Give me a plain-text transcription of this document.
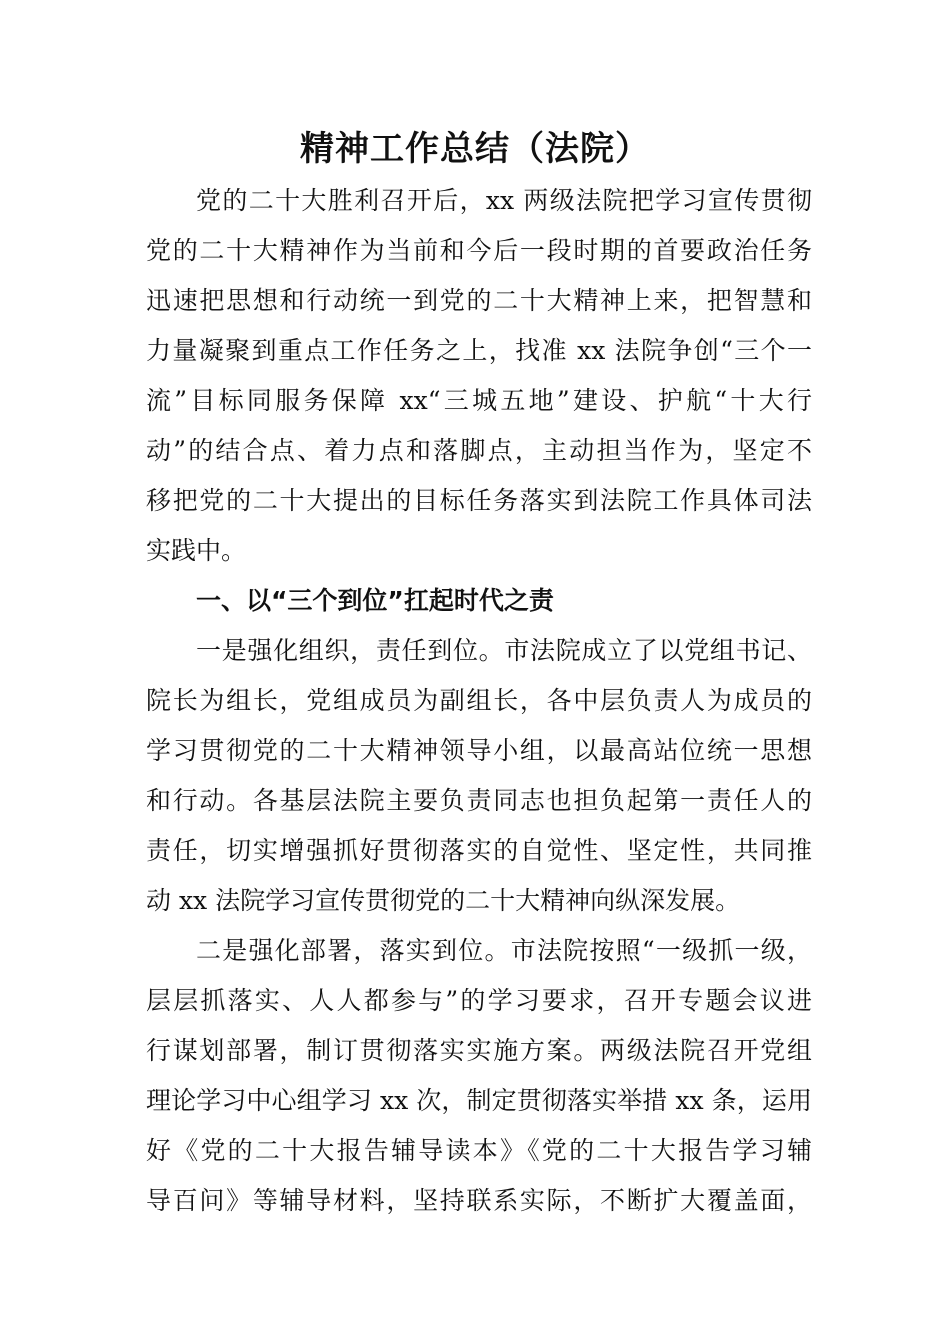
精神工作总结（法院）
党的二十大胜利召开后，xx 两级法院把学习宣传贯彻
党的二十大精神作为当前和今后一段时期的首要政治任务
迅速把思想和行动统一到党的二十大精神上来，把智慧和
力量凝聚到重点工作任务之上，找准 xx 法院争创“三个一
流”目标同服务保障 xx“三城五地”建设、护航“十大行
动”的结合点、着力点和落脚点，主动担当作为，坚定不
移把党的二十大提出的目标任务落实到法院工作具体司法
实践中。
一、以“三个到位”扛起时代之责
一是强化组织，责任到位。市法院成立了以党组书记、
院长为组长，党组成员为副组长，各中层负责人为成员的
学习贯彻党的二十大精神领导小组，以最高站位统一思想
和行动。各基层法院主要负责同志也担负起第一责任人的
责任，切实增强抓好贯彻落实的自觉性、坚定性，共同推
动 xx 法院学习宣传贯彻党的二十大精神向纵深发展。
二是强化部署，落实到位。市法院按照“一级抓一级，
层层抓落实、人人都参与”的学习要求，召开专题会议进
行谋划部署，制订贯彻落实实施方案。两级法院召开党组
理论学习中心组学习 xx 次，制定贯彻落实举措 xx 条，运用
好《党的二十大报告辅导读本》《党的二十大报告学习辅
导百问》等辅导材料，坚持联系实际，不断扩大覆盖面，
